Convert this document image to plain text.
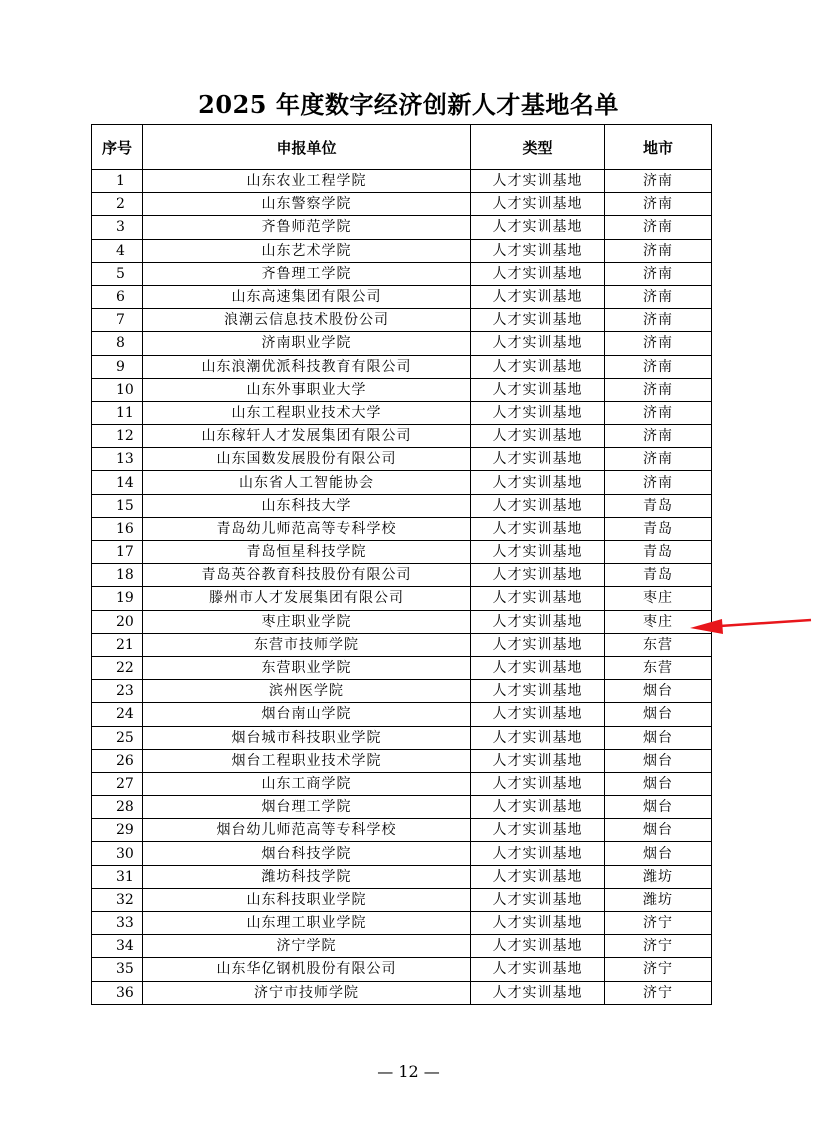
2025 年度数字经济创新人才基地名单
序号	申报单位	类型	地市
1	山东农业工程学院	人才实训基地	济南
2	山东警察学院	人才实训基地	济南
3	齐鲁师范学院	人才实训基地	济南
4	山东艺术学院	人才实训基地	济南
5	齐鲁理工学院	人才实训基地	济南
6	山东高速集团有限公司	人才实训基地	济南
7	浪潮云信息技术股份公司	人才实训基地	济南
8	济南职业学院	人才实训基地	济南
9	山东浪潮优派科技教育有限公司	人才实训基地	济南
10	山东外事职业大学	人才实训基地	济南
11	山东工程职业技术大学	人才实训基地	济南
12	山东稼轩人才发展集团有限公司	人才实训基地	济南
13	山东国数发展股份有限公司	人才实训基地	济南
14	山东省人工智能协会	人才实训基地	济南
15	山东科技大学	人才实训基地	青岛
16	青岛幼儿师范高等专科学校	人才实训基地	青岛
17	青岛恒星科技学院	人才实训基地	青岛
18	青岛英谷教育科技股份有限公司	人才实训基地	青岛
19	滕州市人才发展集团有限公司	人才实训基地	枣庄
20	枣庄职业学院	人才实训基地	枣庄
21	东营市技师学院	人才实训基地	东营
22	东营职业学院	人才实训基地	东营
23	滨州医学院	人才实训基地	烟台
24	烟台南山学院	人才实训基地	烟台
25	烟台城市科技职业学院	人才实训基地	烟台
26	烟台工程职业技术学院	人才实训基地	烟台
27	山东工商学院	人才实训基地	烟台
28	烟台理工学院	人才实训基地	烟台
29	烟台幼儿师范高等专科学校	人才实训基地	烟台
30	烟台科技学院	人才实训基地	烟台
31	潍坊科技学院	人才实训基地	潍坊
32	山东科技职业学院	人才实训基地	潍坊
33	山东理工职业学院	人才实训基地	济宁
34	济宁学院	人才实训基地	济宁
35	山东华亿钢机股份有限公司	人才实训基地	济宁
36	济宁市技师学院	人才实训基地	济宁
— 12 —
